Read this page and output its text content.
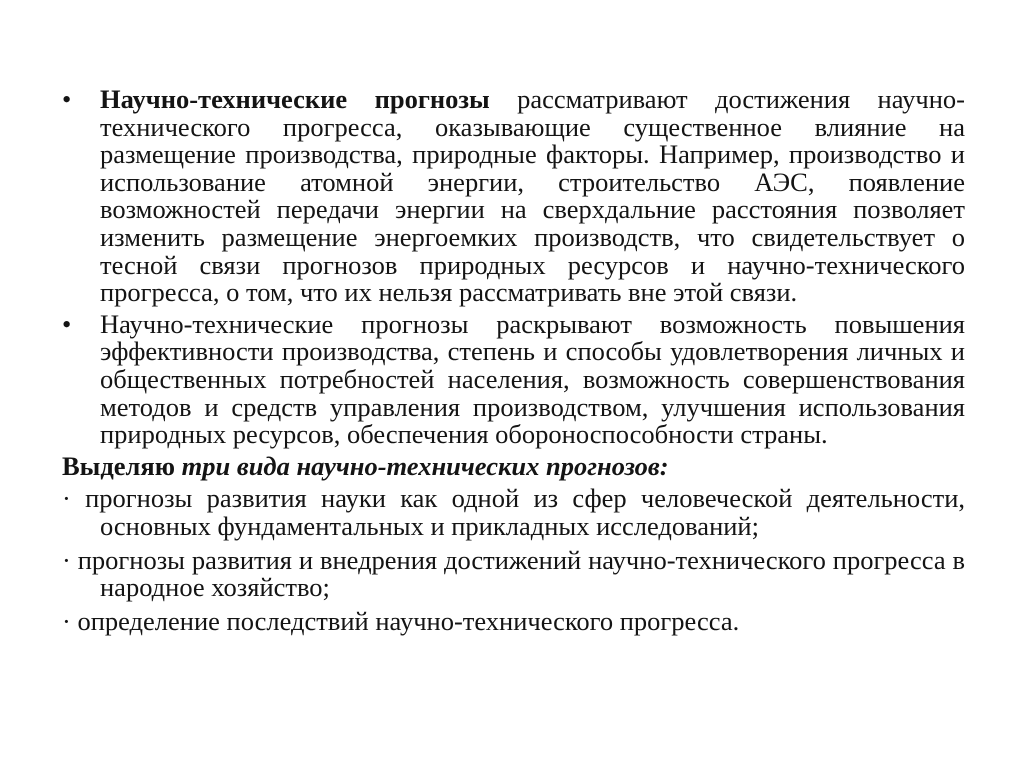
•	Научно-технические прогнозы рассматривают достижения научно-технического прогресса, оказывающие существенное влияние на размещение производства, природные факторы. Например, производство и использование атомной энергии, строительство АЭС, появление возможностей передачи энергии на сверхдальние расстояния позволяет изменить размещение энергоемких производств, что свидетельствует о тесной связи прогнозов природных ресурсов и научно-технического прогресса, о том, что их нельзя рассматривать вне этой связи.
•	Научно-технические прогнозы раскрывают возможность повышения эффективности производства, степень и способы удовлетворения личных и общественных потребностей населения, возможность совершенствования методов и средств управления производством, улучшения использования природных ресурсов, обеспечения обороноспособности страны.
Выделяю три вида научно-технических прогнозов:
· прогнозы развития науки как одной из сфер человеческой деятельности, основных фундаментальных и прикладных исследований;
· прогнозы развития и внедрения достижений научно-технического прогресса в народное хозяйство;
· определение последствий научно-технического прогресса.
